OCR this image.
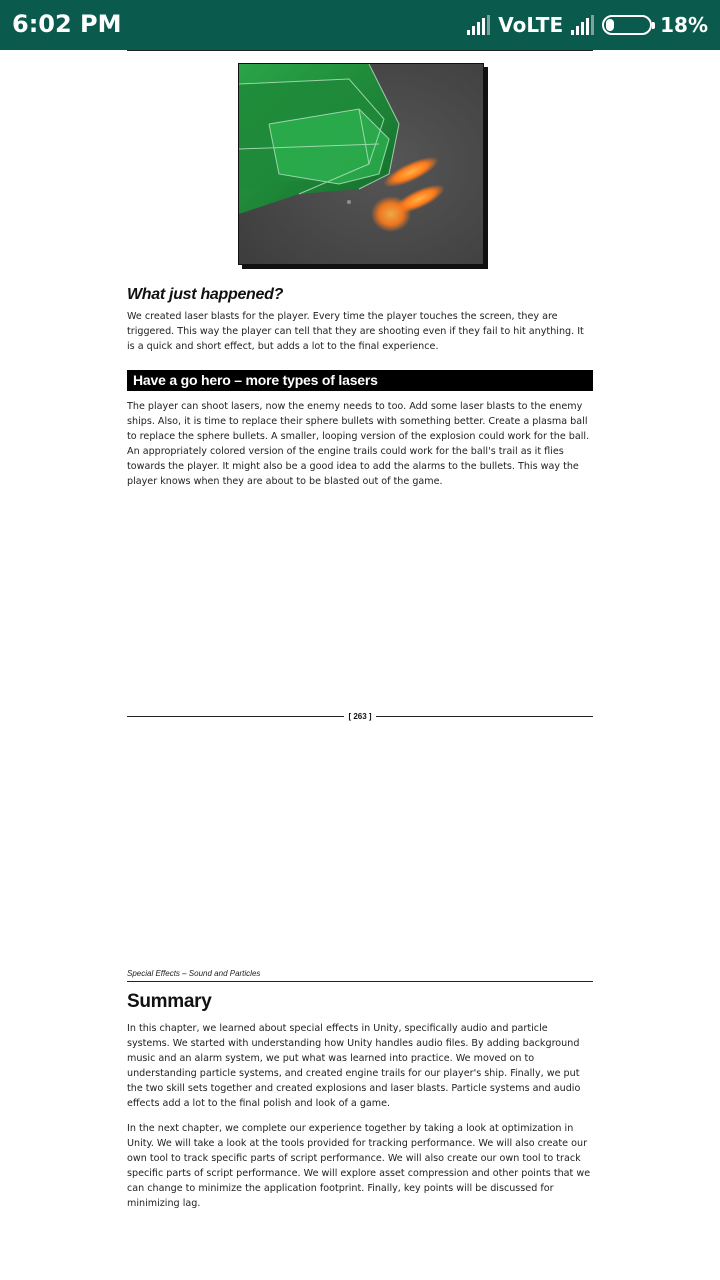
6:02 PM	VoLTE	18%
What just happened?
We created laser blasts for the player. Every time the player touches the screen, they are triggered. This way the player can tell that they are shooting even if they fail to hit anything. It is a quick and short effect, but adds a lot to the final experience.
Have a go hero – more types of lasers
The player can shoot lasers, now the enemy needs to too. Add some laser blasts to the enemy ships. Also, it is time to replace their sphere bullets with something better. Create a plasma ball to replace the sphere bullets. A smaller, looping version of the explosion could work for the ball. An appropriately colored version of the engine trails could work for the ball's trail as it flies towards the player. It might also be a good idea to add the alarms to the bullets. This way the player knows when they are about to be blasted out of the game.
[ 263 ]
Special Effects – Sound and Particles
Summary
In this chapter, we learned about special effects in Unity, specifically audio and particle systems. We started with understanding how Unity handles audio files. By adding background music and an alarm system, we put what was learned into practice. We moved on to understanding particle systems, and created engine trails for our player's ship. Finally, we put the two skill sets together and created explosions and laser blasts. Particle systems and audio effects add a lot to the final polish and look of a game.
In the next chapter, we complete our experience together by taking a look at optimization in Unity. We will take a look at the tools provided for tracking performance. We will also create our own tool to track specific parts of script performance. We will also create our own tool to track specific parts of script performance. We will explore asset compression and other points that we can change to minimize the application footprint. Finally, key points will be discussed for minimizing lag.
